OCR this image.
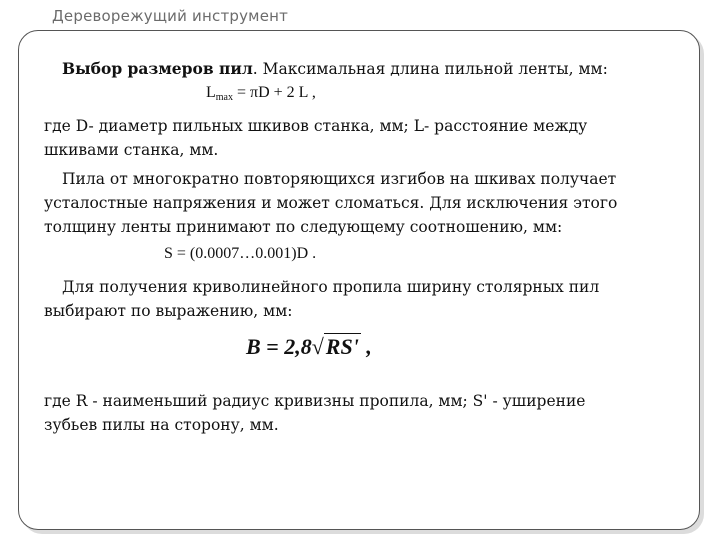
Дереворежущий инструмент
Выбор размеров пил. Максимальная длина пильной ленты, мм:
$L_{max} = \pi D + 2$ L ,
где D- диаметр пильных шкивов станка, мм; L- расстояние между
шкивами станка, мм.
Пила от многократно повторяющихся изгибов на шкивах получает
усталостные напряжения и может сломаться. Для исключения этого
толщину ленты принимают по следующему соотношению, мм:
S = (0.0007…0.001)D .
Для получения криволинейного пропила ширину столярных пил
выбирают по выражению, мм:
B = 2,8√RS' ,
где R - наименьший радиус кривизны пропила, мм; S' - уширение
зубьев пилы на сторону, мм.
